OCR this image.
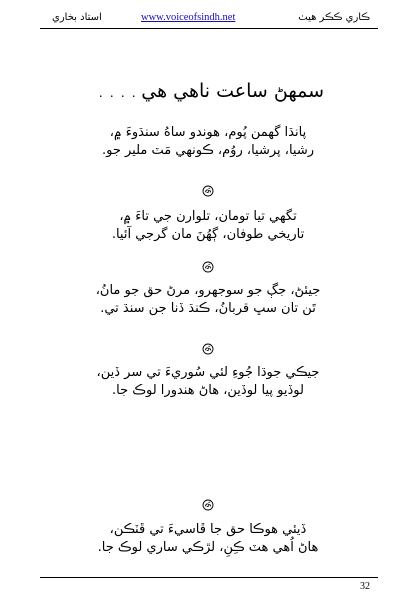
استاد بخاري	www.voiceofsindh.net	ڪاري ڪڪر هيٺ
سمهڻ ساعت ناهي هي
. . . .
پانڌا گهمن پُوم، هوندو ساهُ سنڌوءَ ۾،
رشيا، پرشيا، روُم، ڪونهي مَٽ ملير جو.
تگهي تيا تومان، تلوارن جي تاءَ ۾،
تاريخي طوفان، ڳهُنَ مان گرجي آئيا.
جيئڻ، جڳ جو سوجهرو، مرڻ حق جو مانُ،
تَن تان سڀ قربانُ، ڪنڌ ڏنا جن سنڌ تي.
جيڪي جوڌا جُوءِ لئي سُوريءَ تي سر ڏين،
لوڏيو پيا لوڏين، هاڻ هندورا لوڪ جا.
ڏيئي هوڪا حق جا ڦاسيءَ تي ڦٽڪن،
هاڻ اُهي هٽ ڪِنِ، لڙڪي ساري لوڪ جا.
32
